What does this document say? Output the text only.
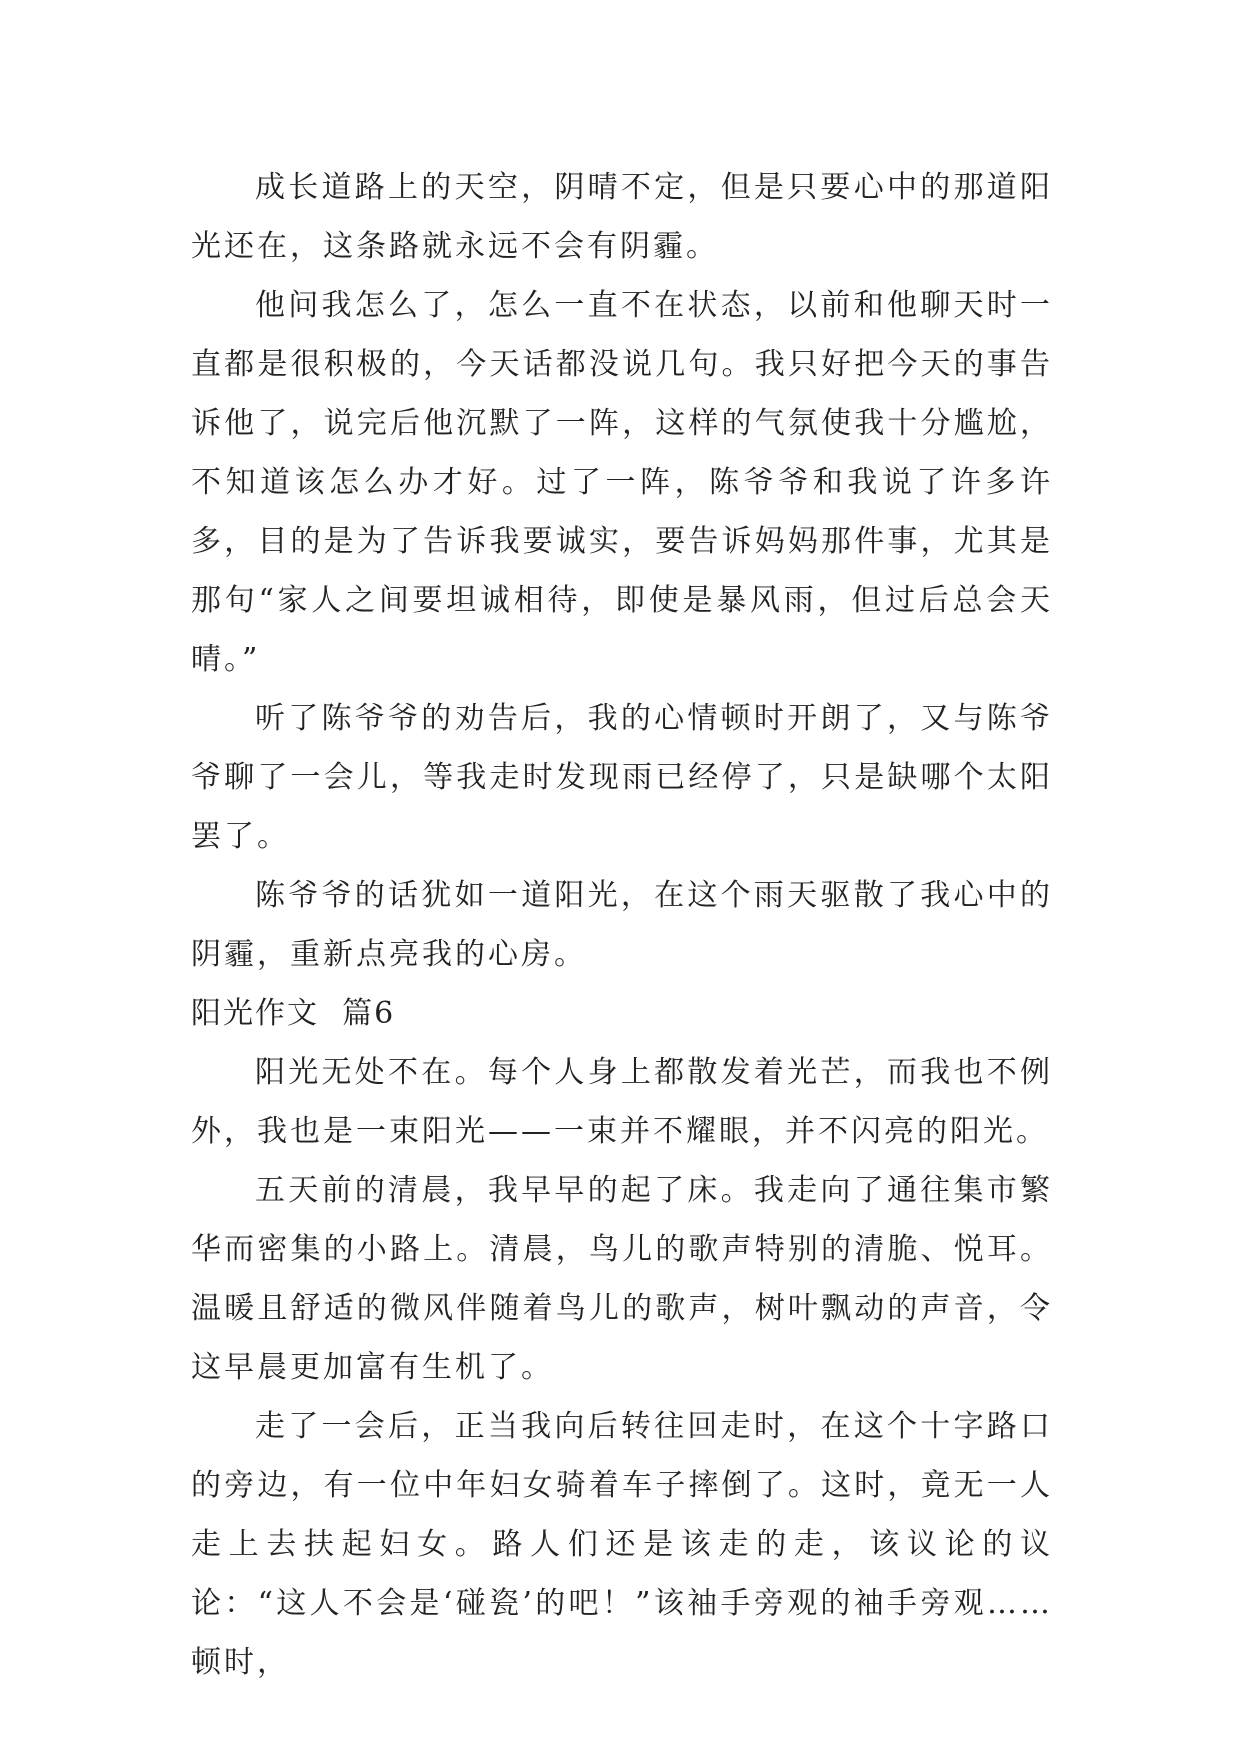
成长道路上的天空，阴晴不定，但是只要心中的那道阳光还在，这条路就永远不会有阴霾。

他问我怎么了，怎么一直不在状态，以前和他聊天时一直都是很积极的，今天话都没说几句。我只好把今天的事告诉他了，说完后他沉默了一阵，这样的气氛使我十分尴尬，不知道该怎么办才好。过了一阵，陈爷爷和我说了许多许多，目的是为了告诉我要诚实，要告诉妈妈那件事，尤其是那句“家人之间要坦诚相待，即使是暴风雨，但过后总会天晴。”

听了陈爷爷的劝告后，我的心情顿时开朗了，又与陈爷爷聊了一会儿，等我走时发现雨已经停了，只是缺哪个太阳罢了。

陈爷爷的话犹如一道阳光，在这个雨天驱散了我心中的阴霾，重新点亮我的心房。

阳光作文  篇6

阳光无处不在。每个人身上都散发着光芒，而我也不例外，我也是一束阳光——一束并不耀眼，并不闪亮的阳光。

五天前的清晨，我早早的起了床。我走向了通往集市繁华而密集的小路上。清晨，鸟儿的歌声特别的清脆、悦耳。温暖且舒适的微风伴随着鸟儿的歌声，树叶飘动的声音，令这早晨更加富有生机了。

走了一会后，正当我向后转往回走时，在这个十字路口的旁边，有一位中年妇女骑着车子摔倒了。这时，竟无一人走上去扶起妇女。路人们还是该走的走，该议论的议论：“这人不会是‘碰瓷’的吧！”该袖手旁观的袖手旁观……顿时，
